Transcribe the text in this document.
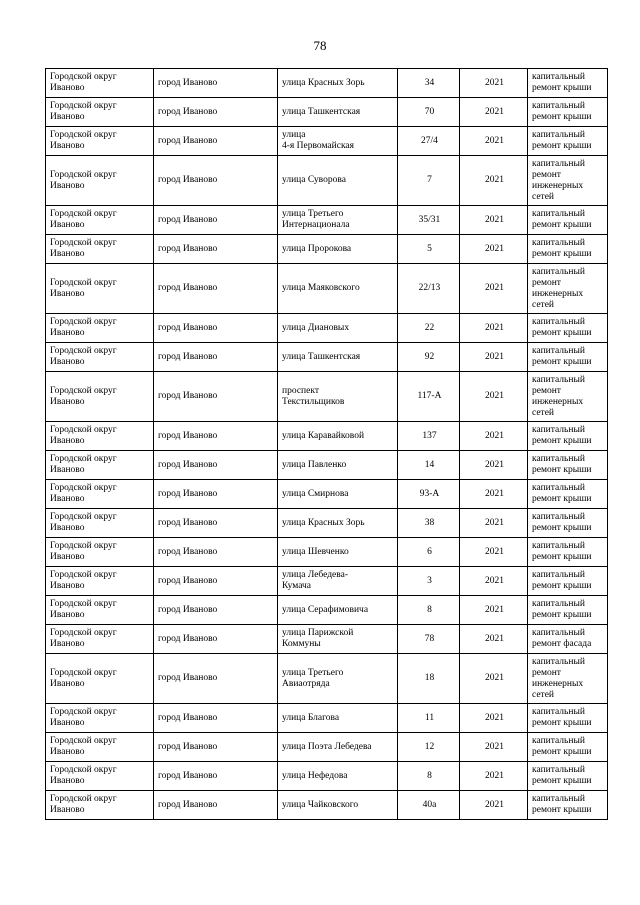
78
Городской округ
Иваново	город Иваново	улица Красных Зорь	34	2021	капитальный
ремонт крыши

Городской округ
Иваново	город Иваново	улица Ташкентская	70	2021	капитальный
ремонт крыши

Городской округ
Иваново	город Иваново	улица
4-я Первомайская	27/4	2021	капитальный
ремонт крыши

Городской округ
Иваново	город Иваново	улица Суворова	7	2021	капитальный
ремонт
инженерных
сетей

Городской округ
Иваново	город Иваново	улица Третьего
Интернационала	35/31	2021	капитальный
ремонт крыши

Городской округ
Иваново	город Иваново	улица Пророкова	5	2021	капитальный
ремонт крыши

Городской округ
Иваново	город Иваново	улица Маяковского	22/13	2021	капитальный
ремонт
инженерных
сетей

Городской округ
Иваново	город Иваново	улица Диановых	22	2021	капитальный
ремонт крыши

Городской округ
Иваново	город Иваново	улица Ташкентская	92	2021	капитальный
ремонт крыши

Городской округ
Иваново	город Иваново	проспект
Текстильщиков	117-А	2021	капитальный
ремонт
инженерных
сетей

Городской округ
Иваново	город Иваново	улица Каравайковой	137	2021	капитальный
ремонт крыши

Городской округ
Иваново	город Иваново	улица Павленко	14	2021	капитальный
ремонт крыши

Городской округ
Иваново	город Иваново	улица Смирнова	93-А	2021	капитальный
ремонт крыши

Городской округ
Иваново	город Иваново	улица Красных Зорь	38	2021	капитальный
ремонт крыши

Городской округ
Иваново	город Иваново	улица Шевченко	6	2021	капитальный
ремонт крыши

Городской округ
Иваново	город Иваново	улица Лебедева-
Кумача	3	2021	капитальный
ремонт крыши

Городской округ
Иваново	город Иваново	улица Серафимовича	8	2021	капитальный
ремонт крыши

Городской округ
Иваново	город Иваново	улица Парижской
Коммуны	78	2021	капитальный
ремонт фасада

Городской округ
Иваново	город Иваново	улица Третьего
Авиаотряда	18	2021	капитальный
ремонт
инженерных
сетей

Городской округ
Иваново	город Иваново	улица Благова	11	2021	капитальный
ремонт крыши

Городской округ
Иваново	город Иваново	улица Поэта Лебедева	12	2021	капитальный
ремонт крыши

Городской округ
Иваново	город Иваново	улица Нефедова	8	2021	капитальный
ремонт крыши

Городской округ
Иваново	город Иваново	улица Чайковского	40а	2021	капитальный
ремонт крыши
